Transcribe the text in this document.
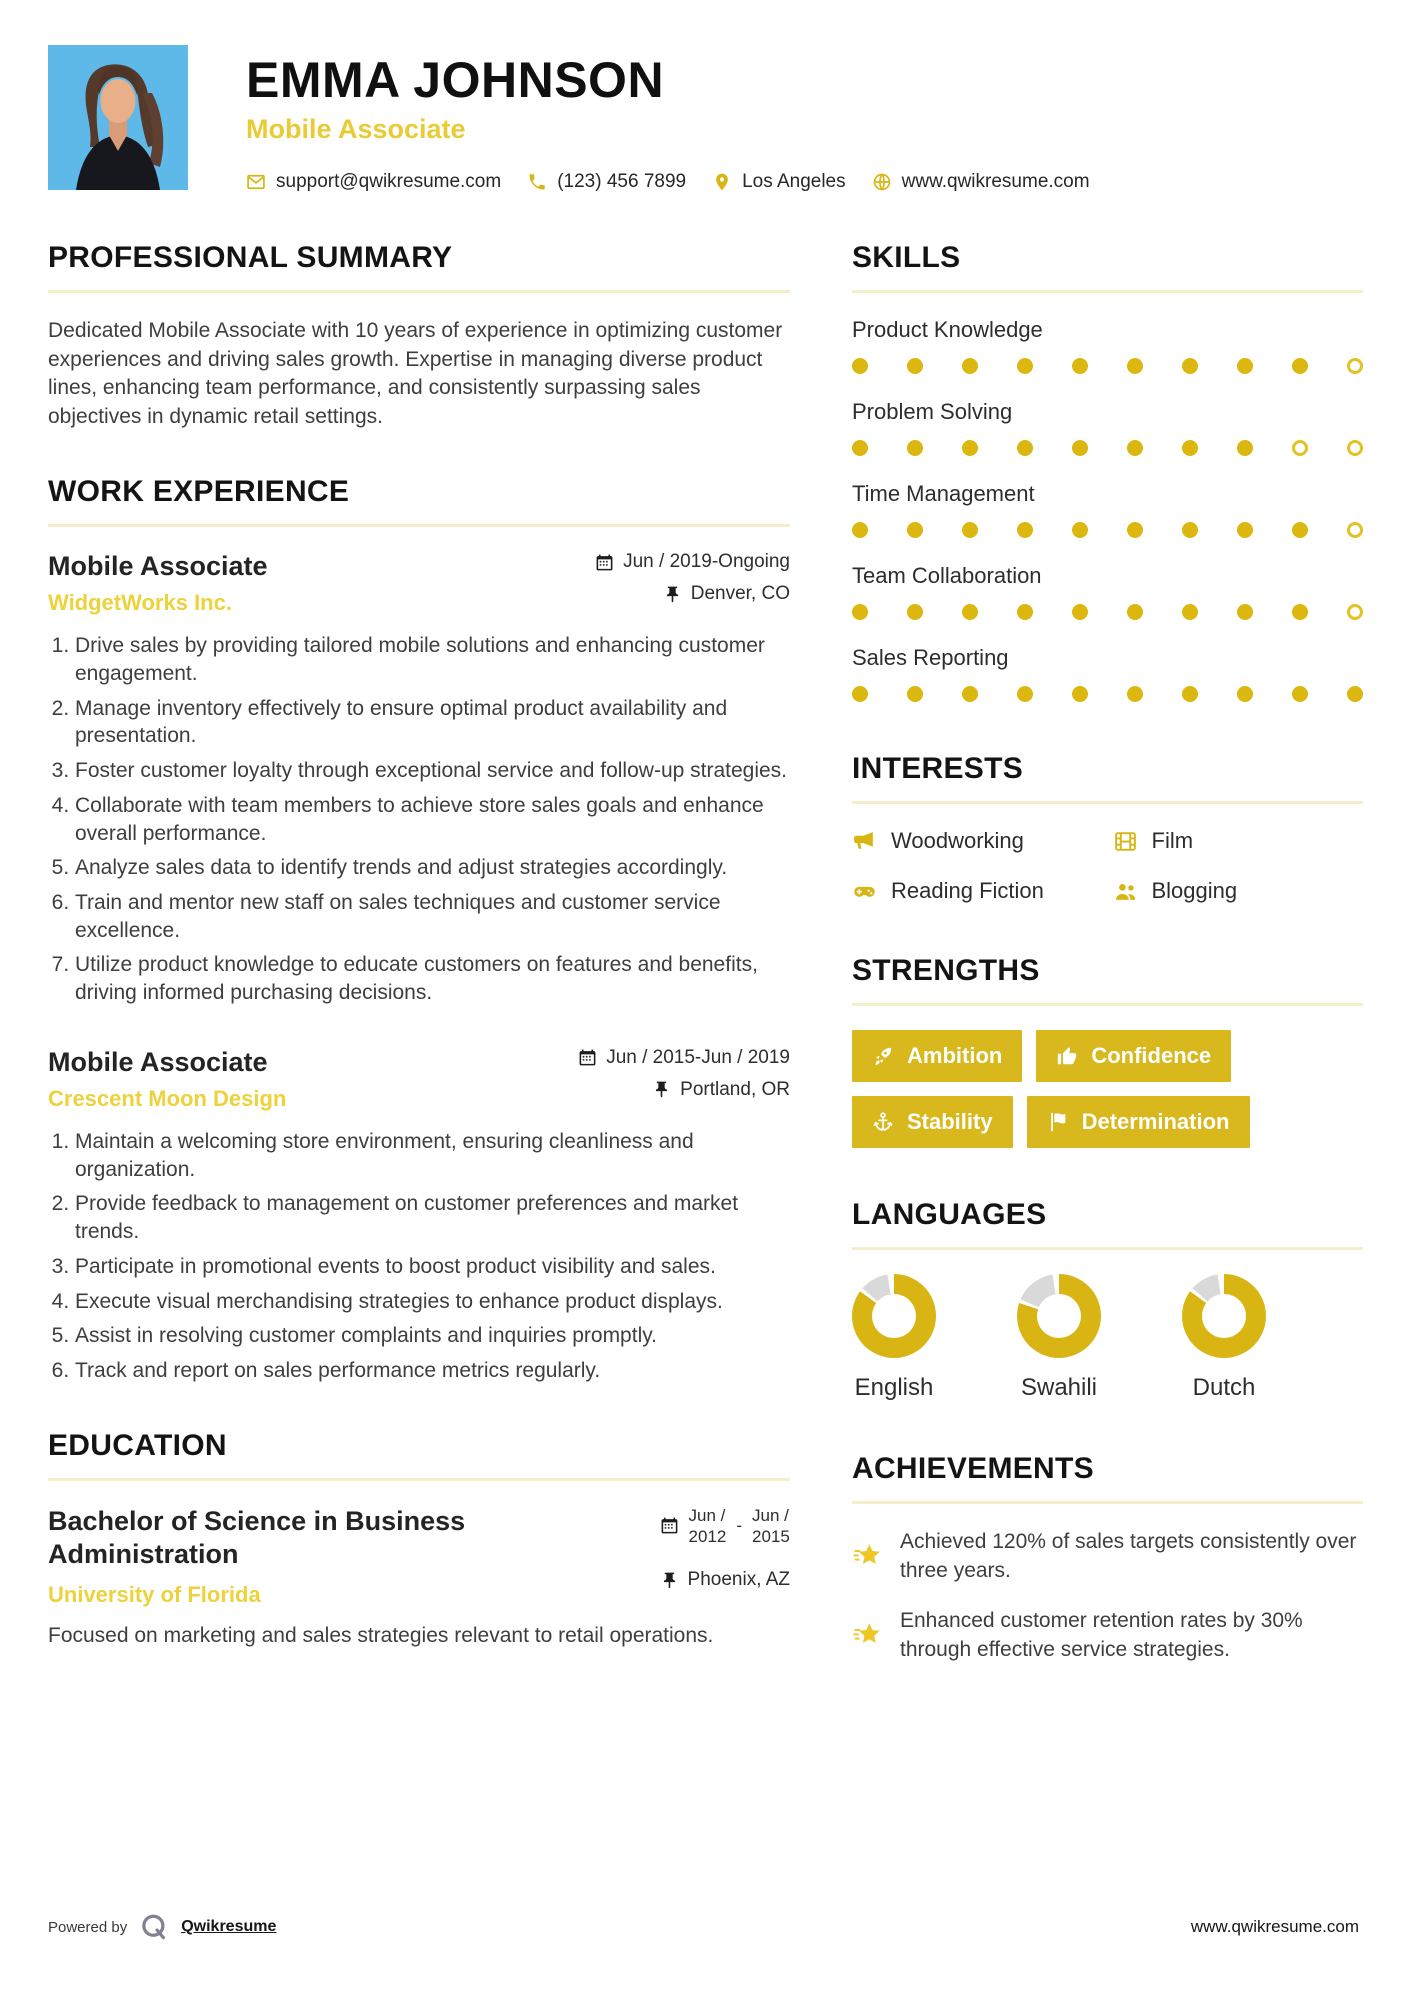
EMMA JOHNSON
Mobile Associate
support@qwikresume.com	(123) 456 7899	Los Angeles	www.qwikresume.com
PROFESSIONAL SUMMARY

Dedicated Mobile Associate with 10 years of experience in optimizing customer experiences and driving sales growth. Expertise in managing diverse product lines, enhancing team performance, and consistently surpassing sales objectives in dynamic retail settings.

WORK EXPERIENCE
Mobile Associate
WidgetWorks Inc.
Jun / 2019-Ongoing
Denver, CO
1. Drive sales by providing tailored mobile solutions and enhancing customer engagement.
2. Manage inventory effectively to ensure optimal product availability and presentation.
3. Foster customer loyalty through exceptional service and follow-up strategies.
4. Collaborate with team members to achieve store sales goals and enhance overall performance.
5. Analyze sales data to identify trends and adjust strategies accordingly.
6. Train and mentor new staff on sales techniques and customer service excellence.
7. Utilize product knowledge to educate customers on features and benefits, driving informed purchasing decisions.
Mobile Associate
Crescent Moon Design
Jun / 2015-Jun / 2019
Portland, OR
1. Maintain a welcoming store environment, ensuring cleanliness and organization.
2. Provide feedback to management on customer preferences and market trends.
3. Participate in promotional events to boost product visibility and sales.
4. Execute visual merchandising strategies to enhance product displays.
5. Assist in resolving customer complaints and inquiries promptly.
6. Track and report on sales performance metrics regularly.
EDUCATION
Bachelor of Science in Business Administration
University of Florida
Jun /
2012
-
Jun /
2015
Phoenix, AZ
Focused on marketing and sales strategies relevant to retail operations.
SKILLS
Product Knowledge
Problem Solving
Time Management
Team Collaboration
Sales Reporting
INTERESTS
Woodworking	Film
Reading Fiction	Blogging
STRENGTHS
Ambition	Confidence
Stability	Determination
LANGUAGES
English	Swahili	Dutch
ACHIEVEMENTS
Achieved 120% of sales targets consistently over three years.
Enhanced customer retention rates by 30% through effective service strategies.
Powered by	Qwikresume	www.qwikresume.com
